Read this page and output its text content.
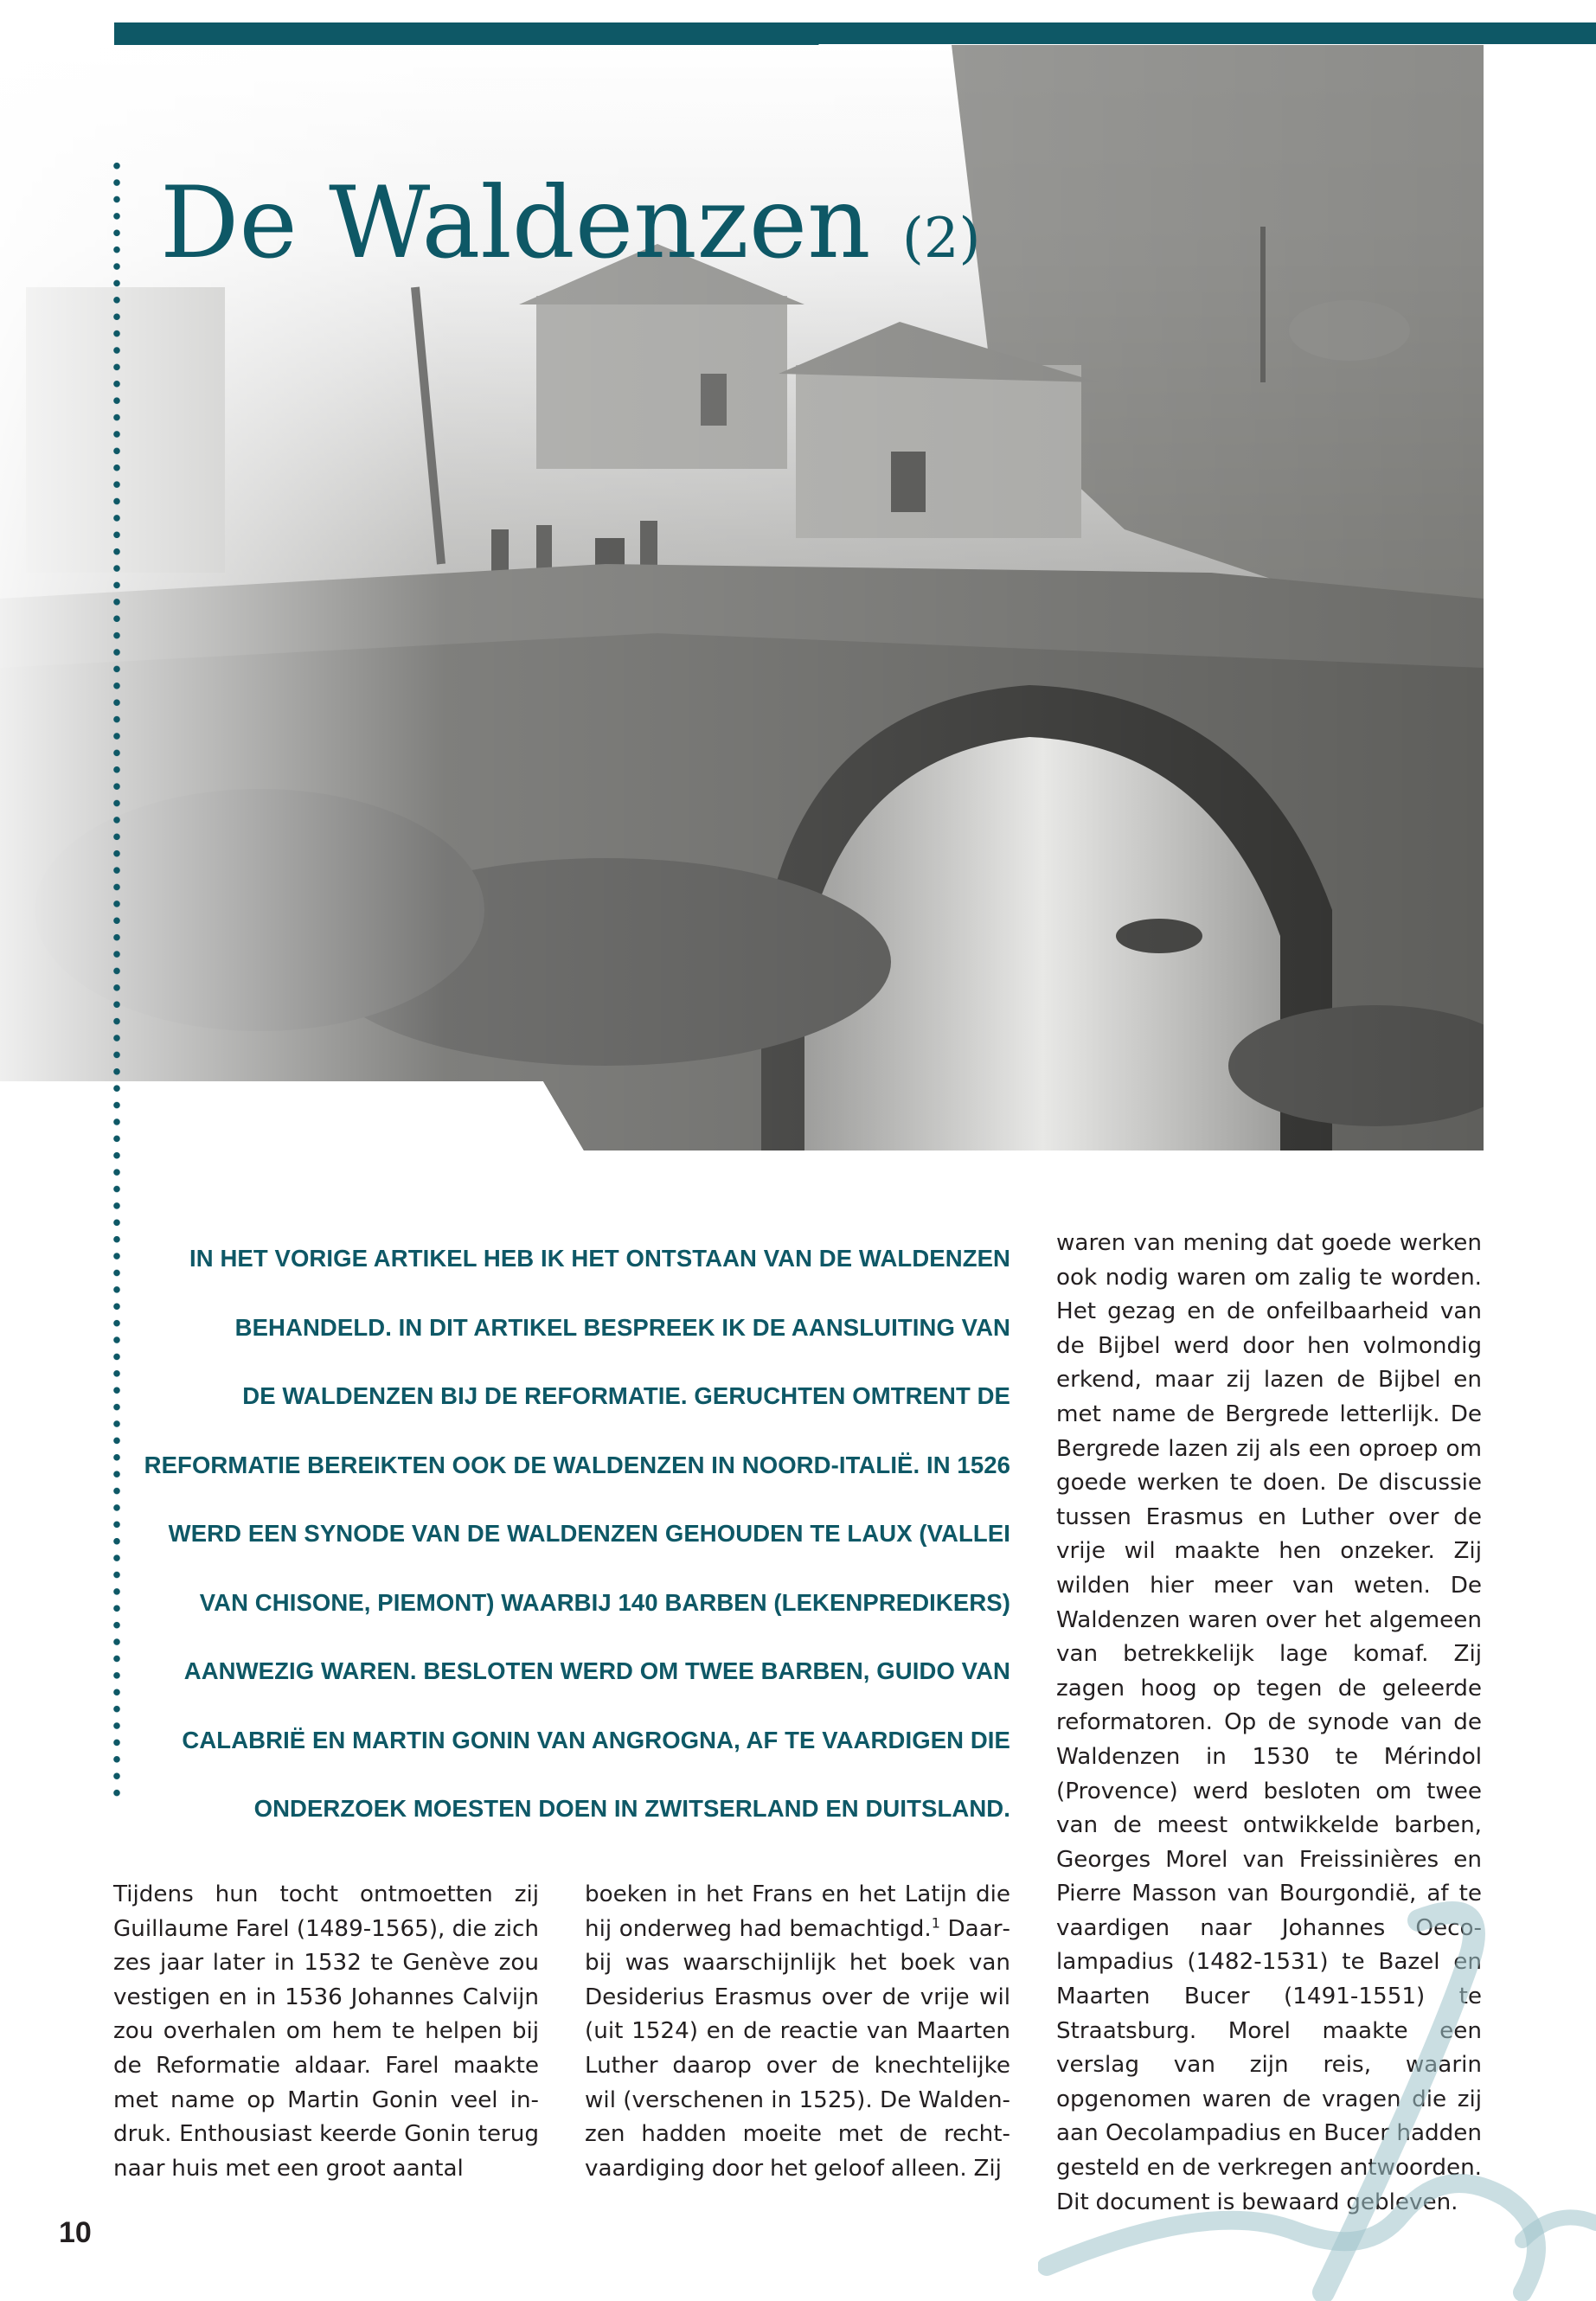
De Waldenzen (2)
IN HET VORIGE ARTIKEL HEB IK HET ONTSTAAN VAN DE WALDENZEN
BEHANDELD. IN DIT ARTIKEL BESPREEK IK DE AANSLUITING VAN
DE WALDENZEN BIJ DE REFORMATIE. GERUCHTEN OMTRENT DE
REFORMATIE BEREIKTEN OOK DE WALDENZEN IN NOORD-ITALIË. IN 1526
WERD EEN SYNODE VAN DE WALDENZEN GEHOUDEN TE LAUX (VALLEI
VAN CHISONE, PIEMONT) WAARBIJ 140 BARBEN (LEKENPREDIKERS)
AANWEZIG WAREN. BESLOTEN WERD OM TWEE BARBEN, GUIDO VAN
CALABRIË EN MARTIN GONIN VAN ANGROGNA, AF TE VAARDIGEN DIE
ONDERZOEK MOESTEN DOEN IN ZWITSERLAND EN DUITSLAND.
Tijdens hun tocht ontmoetten zij Guillaume Farel (1489-1565), die zich zes jaar later in 1532 te Genève zou vestigen en in 1536 Johannes Calvijn zou overhalen om hem te helpen bij de Reformatie aldaar. Farel maakte met name op Martin Gonin veel indruk. Enthousiast keerde Gonin terug naar huis met een groot aantal
boeken in het Frans en het Latijn die hij onderweg had bemachtigd.$^1$ Daarbij was waarschijnlijk het boek van Desiderius Erasmus over de vrije wil (uit 1524) en de reactie van Maarten Luther daarop over de knechtelijke wil (verschenen in 1525). De Waldenzen hadden moeite met de rechtvaardiging door het geloof alleen. Zij
waren van mening dat goede werken ook nodig waren om zalig te worden. Het gezag en de onfeilbaarheid van de Bijbel werd door hen volmondig erkend, maar zij lazen de Bijbel en met name de Bergrede letterlijk. De Bergrede lazen zij als een oproep om goede werken te doen. De discussie tussen Erasmus en Luther over de vrije wil maakte hen onzeker. Zij wilden hier meer van weten. De Waldenzen waren over het algemeen van betrekkelijk lage komaf. Zij zagen hoog op tegen de geleerde reformatoren. Op de synode van de Waldenzen in 1530 te Mérindol (Provence) werd besloten om twee van de meest ontwikkelde barben, Georges Morel van Freissinières en Pierre Masson van Bourgondië, af te vaardigen naar Johannes Oecolampadius (1482-1531) te Bazel en Maarten Bucer (1491-1551) te Straatsburg. Morel maakte een verslag van zijn reis, waarin opgenomen waren de vragen die zij aan Oecolampadius en Bucer hadden gesteld en de verkregen antwoorden. Dit document is bewaard gebleven.
10
